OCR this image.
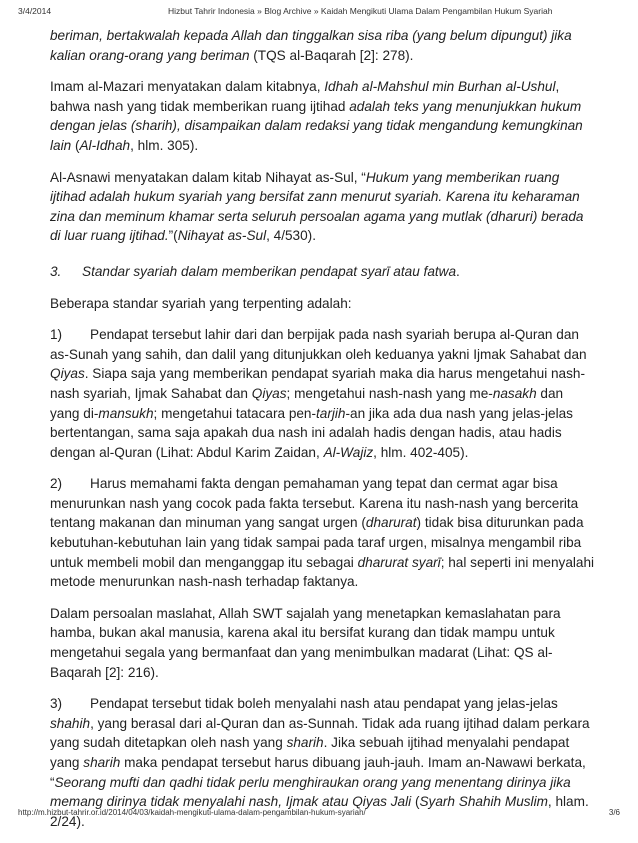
3/4/2014	Hizbut Tahrir Indonesia » Blog Archive » Kaidah Mengikuti Ulama Dalam Pengambilan Hukum Syariah

beriman, bertakwalah kepada Allah dan tinggalkan sisa riba (yang belum dipungut) jika kalian orang-orang yang beriman (TQS al-Baqarah [2]: 278).

Imam al-Mazari menyatakan dalam kitabnya, Idhah al-Mahshul min Burhan al-Ushul, bahwa nash yang tidak memberikan ruang ijtihad adalah teks yang menunjukkan hukum dengan jelas (sharih), disampaikan dalam redaksi yang tidak mengandung kemungkinan lain (Al-Idhah, hlm. 305).

Al-Asnawi menyatakan dalam kitab Nihayat as-Sul, “Hukum yang memberikan ruang ijtihad adalah hukum syariah yang bersifat zann menurut syariah. Karena itu keharaman zina dan meminum khamar serta seluruh persoalan agama yang mutlak (dharuri) berada di luar ruang ijtihad.”(Nihayat as-Sul, 4/530).

3. Standar syariah dalam memberikan pendapat syarī atau fatwa.

Beberapa standar syariah yang terpenting adalah:

1) Pendapat tersebut lahir dari dan berpijak pada nash syariah berupa al-Quran dan as-Sunah yang sahih, dan dalil yang ditunjukkan oleh keduanya yakni Ijmak Sahabat dan Qiyas. Siapa saja yang memberikan pendapat syariah maka dia harus mengetahui nash-nash syariah, Ijmak Sahabat dan Qiyas; mengetahui nash-nash yang me-nasakh dan yang di-mansukh; mengetahui tatacara pen-tarjih-an jika ada dua nash yang jelas-jelas bertentangan, sama saja apakah dua nash ini adalah hadis dengan hadis, atau hadis dengan al-Quran (Lihat: Abdul Karim Zaidan, Al-Wajiz, hlm. 402-405).

2) Harus memahami fakta dengan pemahaman yang tepat dan cermat agar bisa menurunkan nash yang cocok pada fakta tersebut. Karena itu nash-nash yang bercerita tentang makanan dan minuman yang sangat urgen (dharurat) tidak bisa diturunkan pada kebutuhan-kebutuhan lain yang tidak sampai pada taraf urgen, misalnya mengambil riba untuk membeli mobil dan menganggap itu sebagai dharurat syarī; hal seperti ini menyalahi metode menurunkan nash-nash terhadap faktanya.

Dalam persoalan maslahat, Allah SWT sajalah yang menetapkan kemaslahatan para hamba, bukan akal manusia, karena akal itu bersifat kurang dan tidak mampu untuk mengetahui segala yang bermanfaat dan yang menimbulkan madarat (Lihat: QS al-Baqarah [2]: 216).

3) Pendapat tersebut tidak boleh menyalahi nash atau pendapat yang jelas-jelas shahih, yang berasal dari al-Quran dan as-Sunnah. Tidak ada ruang ijtihad dalam perkara yang sudah ditetapkan oleh nash yang sharih. Jika sebuah ijtihad menyalahi pendapat yang sharih maka pendapat tersebut harus dibuang jauh-jauh. Imam an-Nawawi berkata, “Seorang mufti dan qadhi tidak perlu menghiraukan orang yang menentang dirinya jika memang dirinya tidak menyalahi nash, Ijmak atau Qiyas Jali (Syarh Shahih Muslim, hlam. 2/24).

http://m.hizbut-tahrir.or.id/2014/04/03/kaidah-mengikuti-ulama-dalam-pengambilan-hukum-syariah/	3/6
